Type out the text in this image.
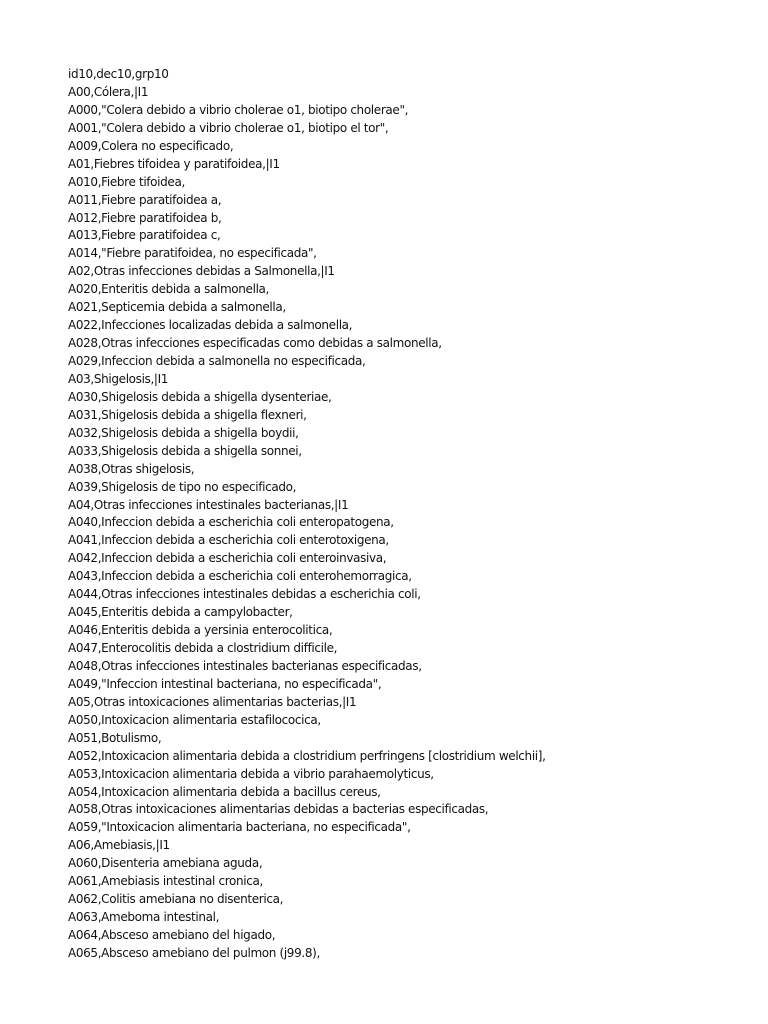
id10,dec10,grp10
A00,Cólera,|I1
A000,"Colera debido a vibrio cholerae o1, biotipo cholerae",
A001,"Colera debido a vibrio cholerae o1, biotipo el tor",
A009,Colera no especificado,
A01,Fiebres tifoidea y paratifoidea,|I1
A010,Fiebre tifoidea,
A011,Fiebre paratifoidea a,
A012,Fiebre paratifoidea b,
A013,Fiebre paratifoidea c,
A014,"Fiebre paratifoidea, no especificada",
A02,Otras infecciones debidas a Salmonella,|I1
A020,Enteritis debida a salmonella,
A021,Septicemia debida a salmonella,
A022,Infecciones localizadas debida a salmonella,
A028,Otras infecciones especificadas como debidas a salmonella,
A029,Infeccion debida a salmonella no especificada,
A03,Shigelosis,|I1
A030,Shigelosis debida a shigella dysenteriae,
A031,Shigelosis debida a shigella flexneri,
A032,Shigelosis debida a shigella boydii,
A033,Shigelosis debida a shigella sonnei,
A038,Otras shigelosis,
A039,Shigelosis de tipo no especificado,
A04,Otras infecciones intestinales bacterianas,|I1
A040,Infeccion debida a escherichia coli enteropatogena,
A041,Infeccion debida a escherichia coli enterotoxigena,
A042,Infeccion debida a escherichia coli enteroinvasiva,
A043,Infeccion debida a escherichia coli enterohemorragica,
A044,Otras infecciones intestinales debidas a escherichia coli,
A045,Enteritis debida a campylobacter,
A046,Enteritis debida a yersinia enterocolitica,
A047,Enterocolitis debida a clostridium difficile,
A048,Otras infecciones intestinales bacterianas especificadas,
A049,"Infeccion intestinal bacteriana, no especificada",
A05,Otras intoxicaciones alimentarias bacterias,|I1
A050,Intoxicacion alimentaria estafilococica,
A051,Botulismo,
A052,Intoxicacion alimentaria debida a clostridium perfringens [clostridium welchii],
A053,Intoxicacion alimentaria debida a vibrio parahaemolyticus,
A054,Intoxicacion alimentaria debida a bacillus cereus,
A058,Otras intoxicaciones alimentarias debidas a bacterias especificadas,
A059,"Intoxicacion alimentaria bacteriana, no especificada",
A06,Amebiasis,|I1
A060,Disenteria amebiana aguda,
A061,Amebiasis intestinal cronica,
A062,Colitis amebiana no disenterica,
A063,Ameboma intestinal,
A064,Absceso amebiano del higado,
A065,Absceso amebiano del pulmon (j99.8),
